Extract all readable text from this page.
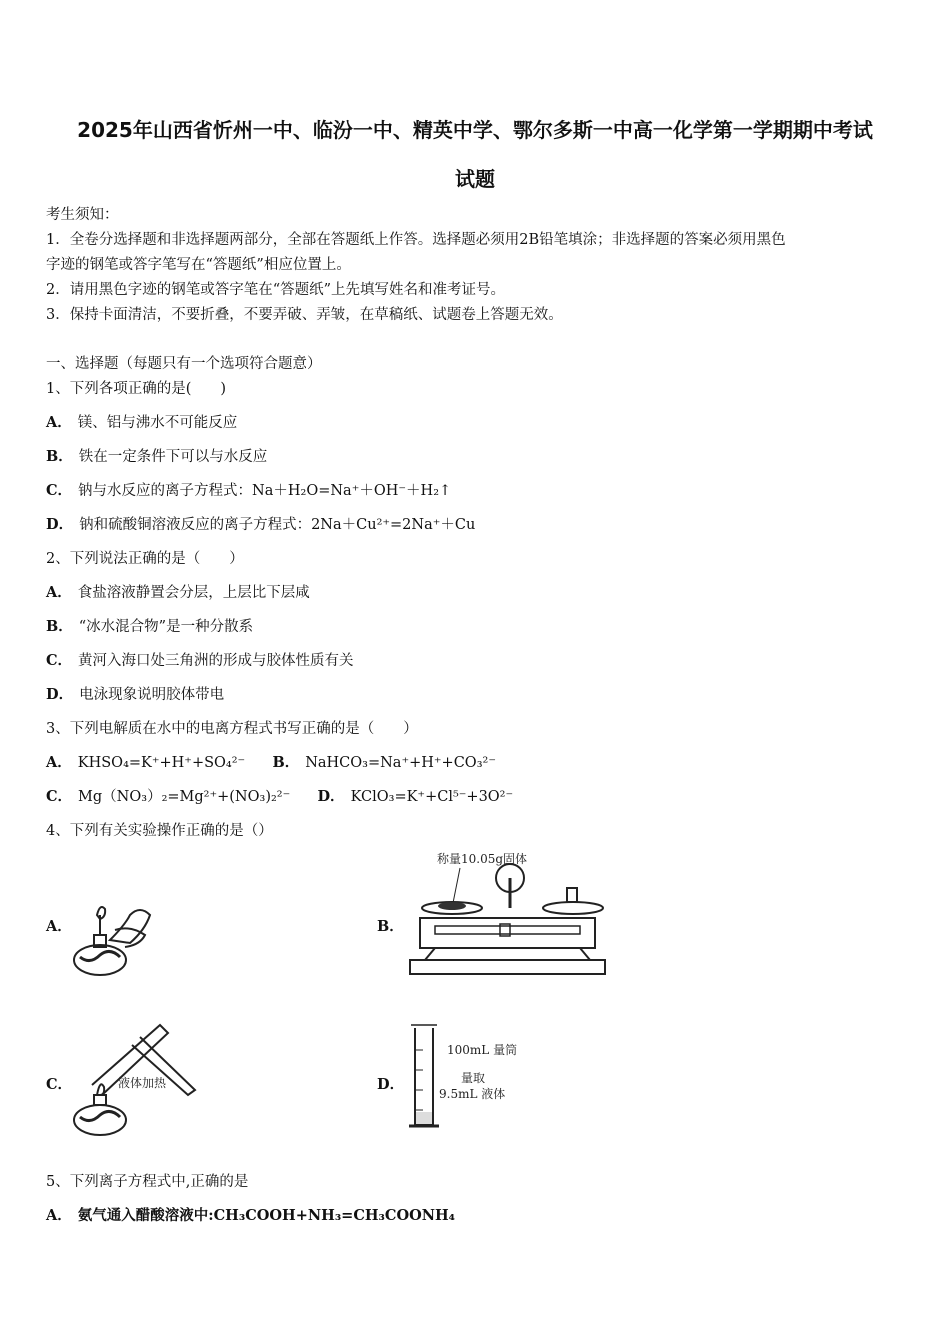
2025年山西省忻州一中、临汾一中、精英中学、鄂尔多斯一中高一化学第一学期期中考试
试题
考生须知：
1．全卷分选择题和非选择题两部分，全部在答题纸上作答。选择题必须用2B铅笔填涂；非选择题的答案必须用黑色
字迹的钢笔或答字笔写在“答题纸”相应位置上。
2．请用黑色字迹的钢笔或答字笔在“答题纸”上先填写姓名和准考证号。
3．保持卡面清洁，不要折叠，不要弄破、弄皱，在草稿纸、试题卷上答题无效。
一、选择题（每题只有一个选项符合题意）
1、下列各项正确的是(　　)
A． 镁、铝与沸水不可能反应
B． 铁在一定条件下可以与水反应
C． 钠与水反应的离子方程式：Na＋H₂O=Na⁺＋OH⁻＋H₂↑
D． 钠和硫酸铜溶液反应的离子方程式：2Na＋Cu²⁺=2Na⁺＋Cu
2、下列说法正确的是（　　）
A． 食盐溶液静置会分层，上层比下层咸
B． “冰水混合物”是一种分散系
C． 黄河入海口处三角洲的形成与胶体性质有关
D． 电泳现象说明胶体带电
3、下列电解质在水中的电离方程式书写正确的是（　　）
A． KHSO₄=K⁺+H⁺+SO₄²⁻ B． NaHCO₃=Na⁺+H⁺+CO₃²⁻
C． Mg（NO₃）₂=Mg²⁺+(NO₃)₂²⁻ D． KClO₃=K⁺+Cl⁵⁻+3O²⁻
4、下列有关实验操作正确的是（）
A．	B．
称量10.05g固体
C．	液体加热	D．
100mL 量筒
量取
9.5mL 液体
5、下列离子方程式中,正确的是
A． 氨气通入醋酸溶液中:CH₃COOH+NH₃=CH₃COONH₄
